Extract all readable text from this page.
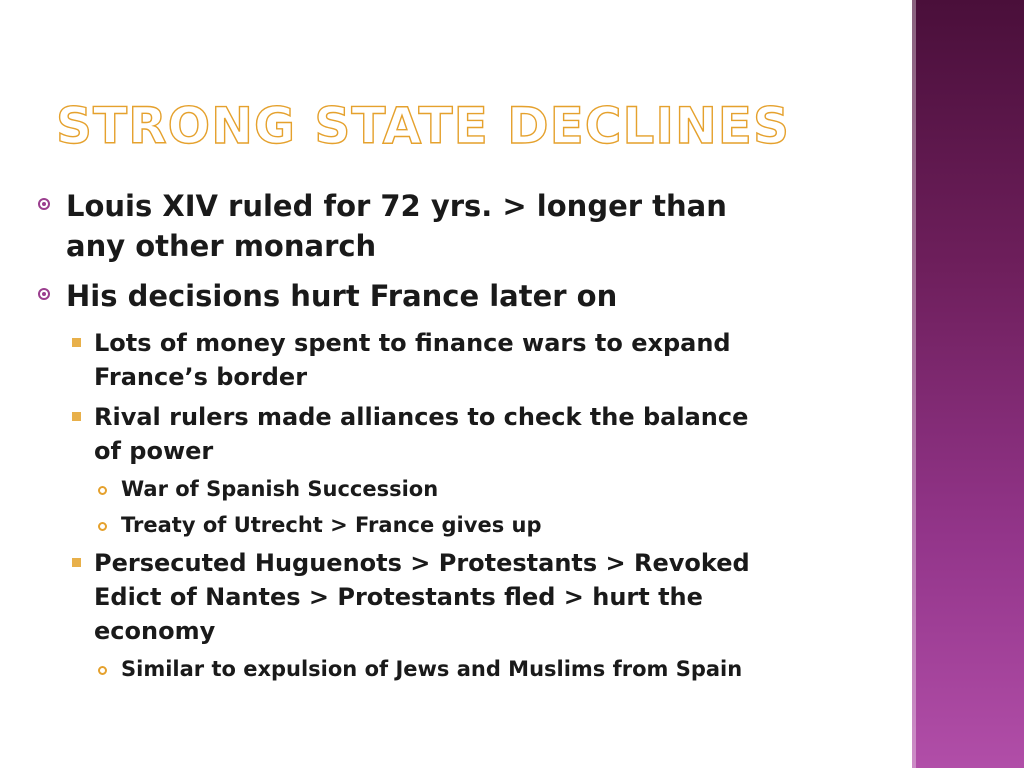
STRONG STATE DECLINES
Louis XIV ruled for 72 yrs. > longer than any other monarch
His decisions hurt France later on
Lots of money spent to finance wars to expand France’s border
Rival rulers made alliances to check the balance of power
War of Spanish Succession
Treaty of Utrecht > France gives up
Persecuted Huguenots > Protestants > Revoked Edict of Nantes > Protestants fled > hurt the economy
Similar to expulsion of Jews and Muslims from Spain
